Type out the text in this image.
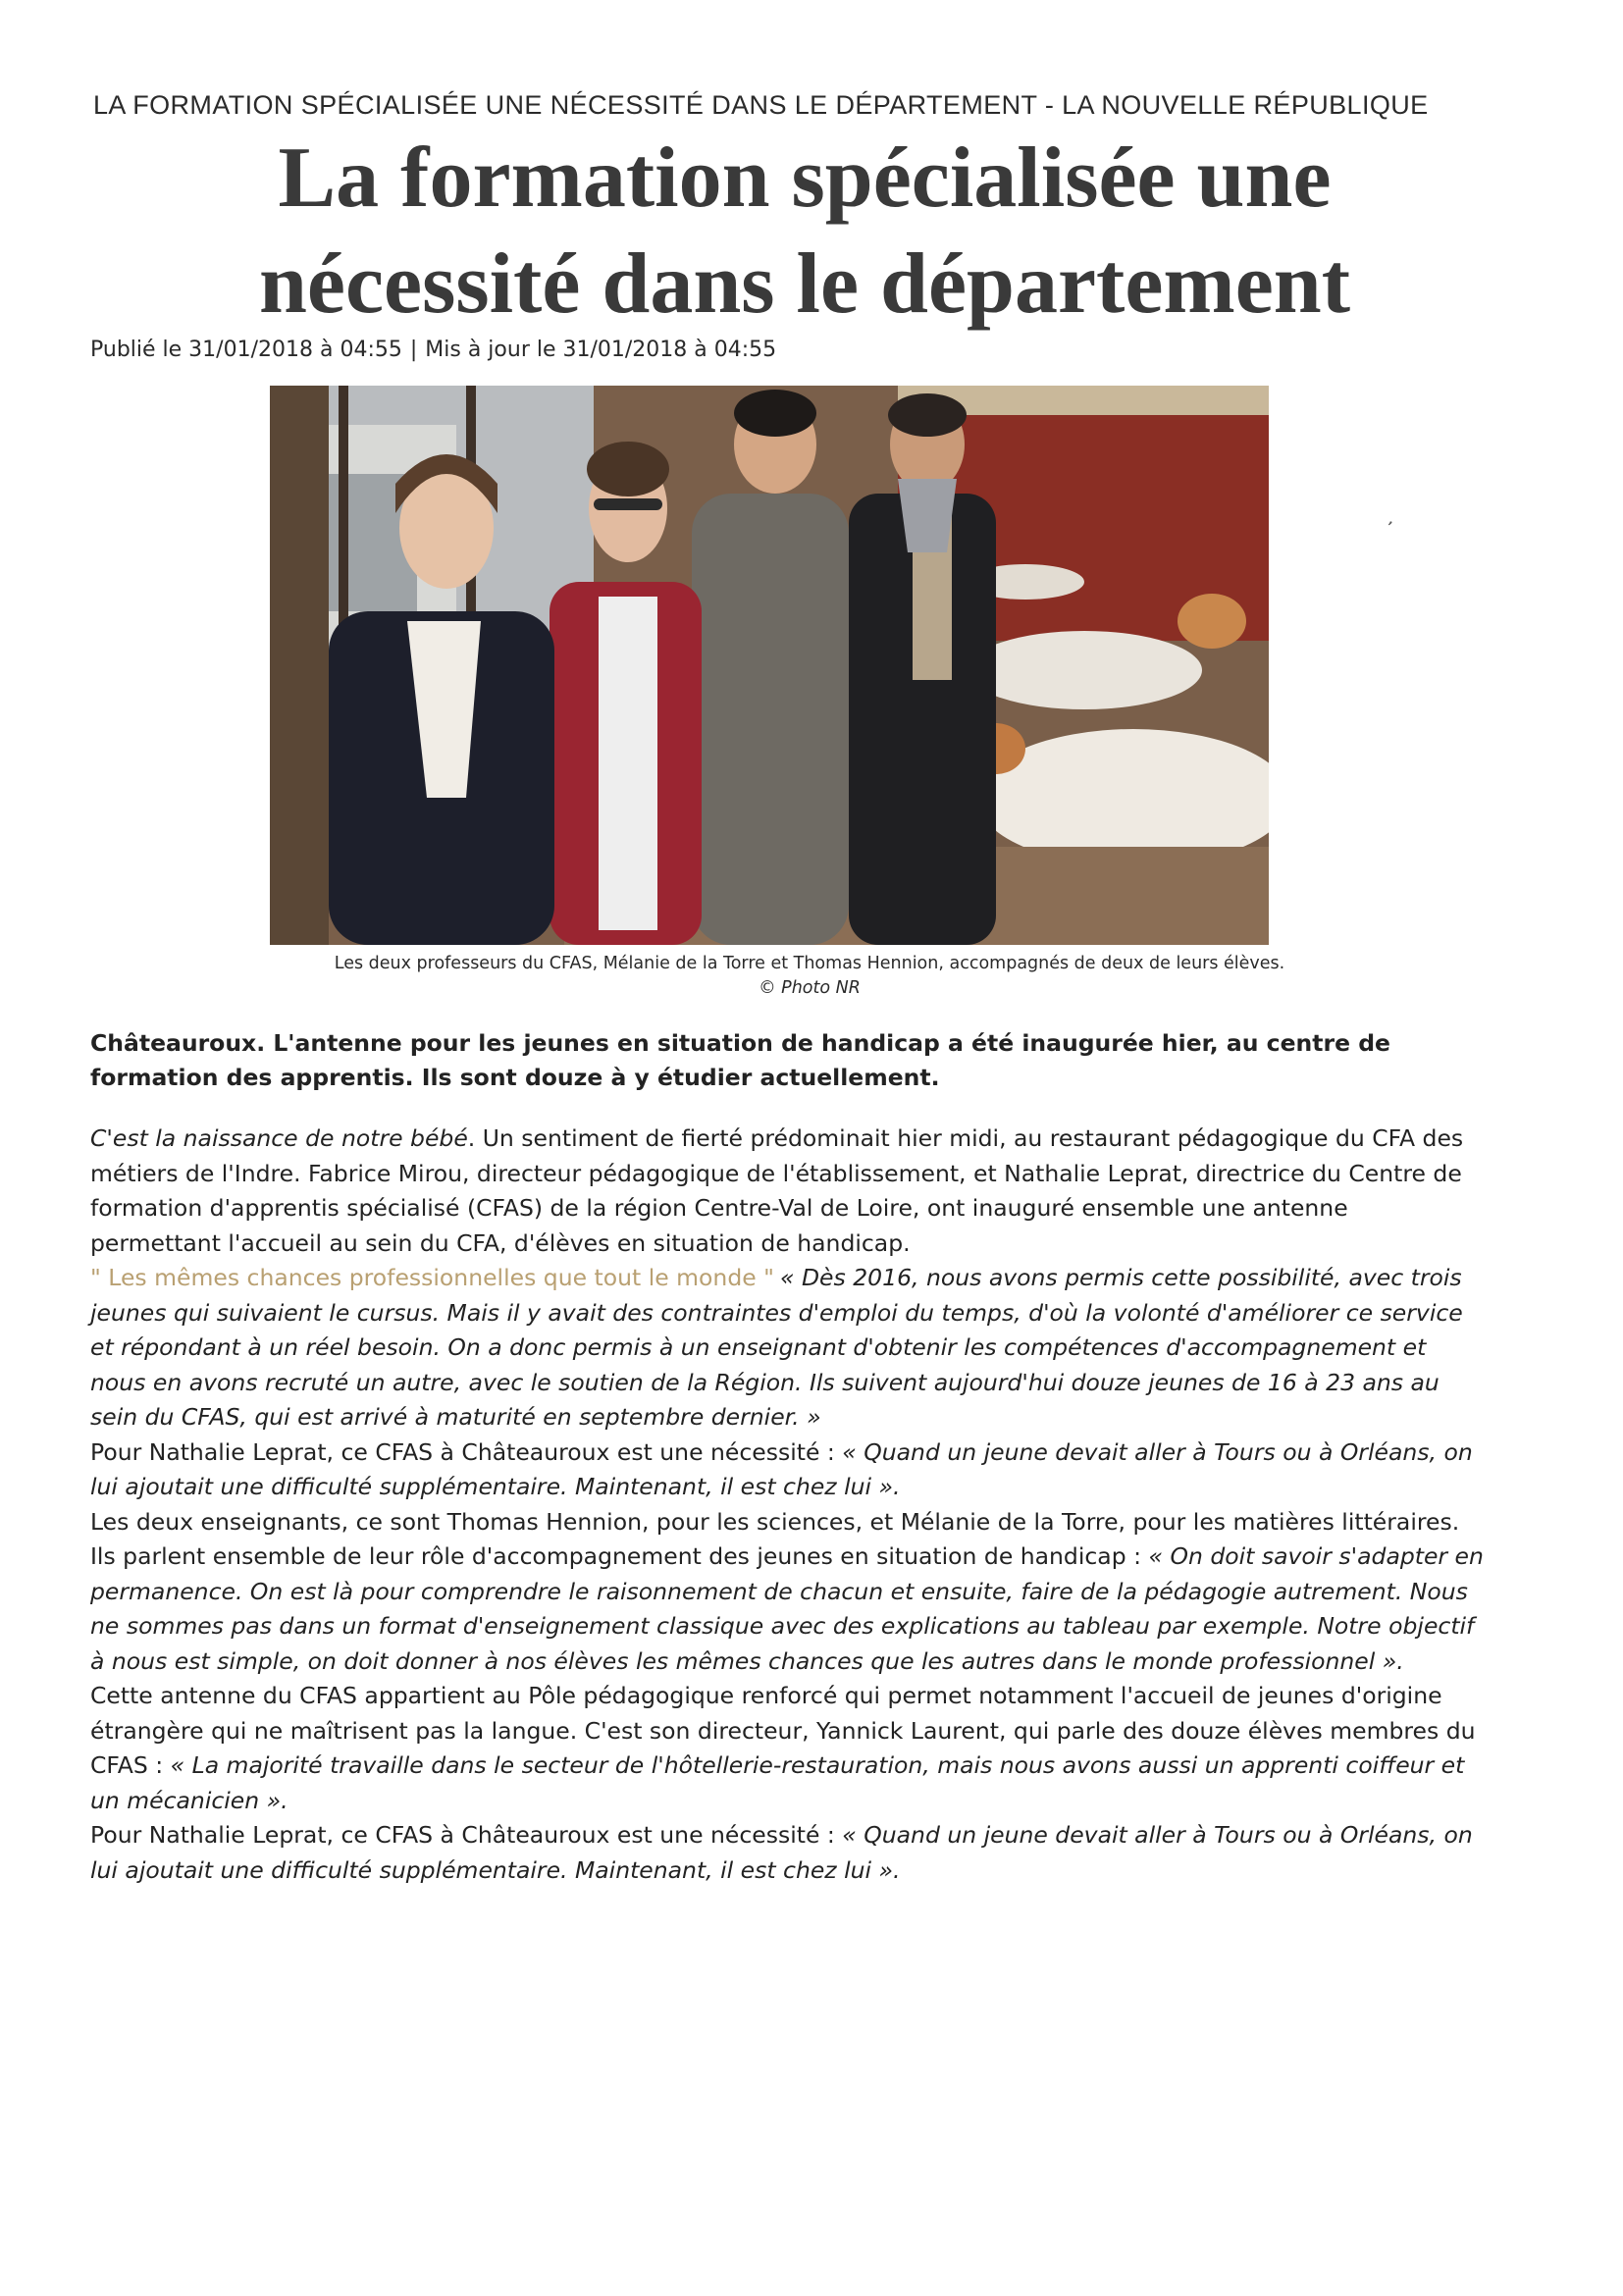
LA FORMATION SPÉCIALISÉE UNE NÉCESSITÉ DANS LE DÉPARTEMENT - LA NOUVELLE RÉPUBLIQUE
La formation spécialisée une
nécessité dans le département
Publié le 31/01/2018 à 04:55 | Mis à jour le 31/01/2018 à 04:55
ʼ
Les deux professeurs du CFAS, Mélanie de la Torre et Thomas Hennion, accompagnés de deux de leurs élèves.
© Photo NR

Châteauroux. L'antenne pour les jeunes en situation de handicap a été inaugurée hier, au centre de formation des apprentis. Ils sont douze à y étudier actuellement.

C'est la naissance de notre bébé. Un sentiment de fierté prédominait hier midi, au restaurant pédagogique du CFA des métiers de l'Indre. Fabrice Mirou, directeur pédagogique de l'établissement, et Nathalie Leprat, directrice du Centre de formation d'apprentis spécialisé (CFAS) de la région Centre-Val de Loire, ont inauguré ensemble une antenne permettant l'accueil au sein du CFA, d'élèves en situation de handicap.

" Les mêmes chances professionnelles que tout le monde " « Dès 2016, nous avons permis cette possibilité, avec trois jeunes qui suivaient le cursus. Mais il y avait des contraintes d'emploi du temps, d'où la volonté d'améliorer ce service et répondant à un réel besoin. On a donc permis à un enseignant d'obtenir les compétences d'accompagnement et nous en avons recruté un autre, avec le soutien de la Région. Ils suivent aujourd'hui douze jeunes de 16 à 23 ans au sein du CFAS, qui est arrivé à maturité en septembre dernier. »

Pour Nathalie Leprat, ce CFAS à Châteauroux est une nécessité : « Quand un jeune devait aller à Tours ou à Orléans, on lui ajoutait une difficulté supplémentaire. Maintenant, il est chez lui ».

Les deux enseignants, ce sont Thomas Hennion, pour les sciences, et Mélanie de la Torre, pour les matières littéraires. Ils parlent ensemble de leur rôle d'accompagnement des jeunes en situation de handicap : « On doit savoir s'adapter en permanence. On est là pour comprendre le raisonnement de chacun et ensuite, faire de la pédagogie autrement. Nous ne sommes pas dans un format d'enseignement classique avec des explications au tableau par exemple. Notre objectif à nous est simple, on doit donner à nos élèves les mêmes chances que les autres dans le monde professionnel ».

Cette antenne du CFAS appartient au Pôle pédagogique renforcé qui permet notamment l'accueil de jeunes d'origine étrangère qui ne maîtrisent pas la langue. C'est son directeur, Yannick Laurent, qui parle des douze élèves membres du CFAS : « La majorité travaille dans le secteur de l'hôtellerie-restauration, mais nous avons aussi un apprenti coiffeur et un mécanicien ».

Pour Nathalie Leprat, ce CFAS à Châteauroux est une nécessité : « Quand un jeune devait aller à Tours ou à Orléans, on lui ajoutait une difficulté supplémentaire. Maintenant, il est chez lui ».
